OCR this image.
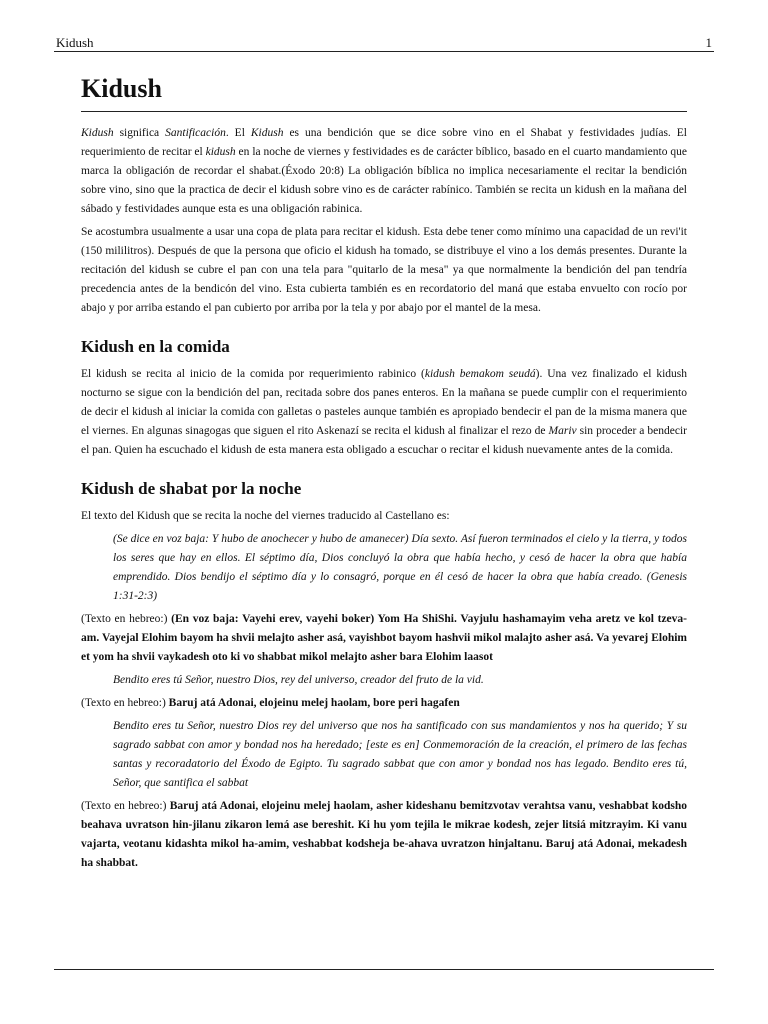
Kidush	1
Kidush

Kidush significa Santificación. El Kidush es una bendición que se dice sobre vino en el Shabat y festividades judías. El requerimiento de recitar el kidush en la noche de viernes y festividades es de carácter bíblico, basado en el cuarto mandamiento que marca la obligación de recordar el shabat.(Éxodo 20:8) La obligación bíblica no implica necesariamente el recitar la bendición sobre vino, sino que la practica de decir el kidush sobre vino es de carácter rabínico. También se recita un kidush en la mañana del sábado y festividades aunque esta es una obligación rabinica.

Se acostumbra usualmente a usar una copa de plata para recitar el kidush. Esta debe tener como mínimo una capacidad de un revi'it (150 mililitros). Después de que la persona que oficio el kidush ha tomado, se distribuye el vino a los demás presentes. Durante la recitación del kidush se cubre el pan con una tela para "quitarlo de la mesa" ya que normalmente la bendición del pan tendría precedencia antes de la bendicón del vino. Esta cubierta también es en recordatorio del maná que estaba envuelto con rocío por abajo y por arriba estando el pan cubierto por arriba por la tela y por abajo por el mantel de la mesa.

Kidush en la comida

El kidush se recita al inicio de la comida por requerimiento rabinico (kidush bemakom seudá). Una vez finalizado el kidush nocturno se sigue con la bendición del pan, recitada sobre dos panes enteros. En la mañana se puede cumplir con el requerimiento de decir el kidush al iniciar la comida con galletas o pasteles aunque también es apropiado bendecir el pan de la misma manera que el viernes. En algunas sinagogas que siguen el rito Askenazí se recita el kidush al finalizar el rezo de Mariv sin proceder a bendecir el pan. Quien ha escuchado el kidush de esta manera esta obligado a escuchar o recitar el kidush nuevamente antes de la comida.

Kidush de shabat por la noche

El texto del Kidush que se recita la noche del viernes traducido al Castellano es:

(Se dice en voz baja: Y hubo de anochecer y hubo de amanecer) Día sexto. Así fueron terminados el cielo y la tierra, y todos los seres que hay en ellos. El séptimo día, Dios concluyó la obra que había hecho, y cesó de hacer la obra que había emprendido. Dios bendijo el séptimo día y lo consagró, porque en él cesó de hacer la obra que había creado. (Genesis 1:31-2:3)

(Texto en hebreo:) (En voz baja: Vayehi erev, vayehi boker) Yom Ha ShiShi. Vayjulu hashamayim veha aretz ve kol tzeva-am. Vayejal Elohim bayom ha shvii melajto asher asá, vayishbot bayom hashvii mikol malajto asher asá. Va yevarej Elohim et yom ha shvii vaykadesh oto ki vo shabbat mikol melajto asher bara Elohim laasot

Bendito eres tú Señor, nuestro Dios, rey del universo, creador del fruto de la vid.

(Texto en hebreo:) Baruj atá Adonai, elojeinu melej haolam, bore peri hagafen

Bendito eres tu Señor, nuestro Dios rey del universo que nos ha santificado con sus mandamientos y nos ha querido; Y su sagrado sabbat con amor y bondad nos ha heredado; [este es en] Conmemoración de la creación, el primero de las fechas santas y recoradatorio del Éxodo de Egipto. Tu sagrado sabbat que con amor y bondad nos has legado. Bendito eres tú, Señor, que santifica el sabbat

(Texto en hebreo:) Baruj atá Adonai, elojeinu melej haolam, asher kideshanu bemitzvotav verahtsa vanu, veshabbat kodsho beahava uvratson hin-jilanu zikaron lemá ase bereshit. Ki hu yom tejila le mikrae kodesh, zejer litsiá mitzrayim. Ki vanu vajarta, veotanu kidashta mikol ha-amim, veshabbat kodsheja be-ahava uvratzon hinjaltanu. Baruj atá Adonai, mekadesh ha shabbat.
